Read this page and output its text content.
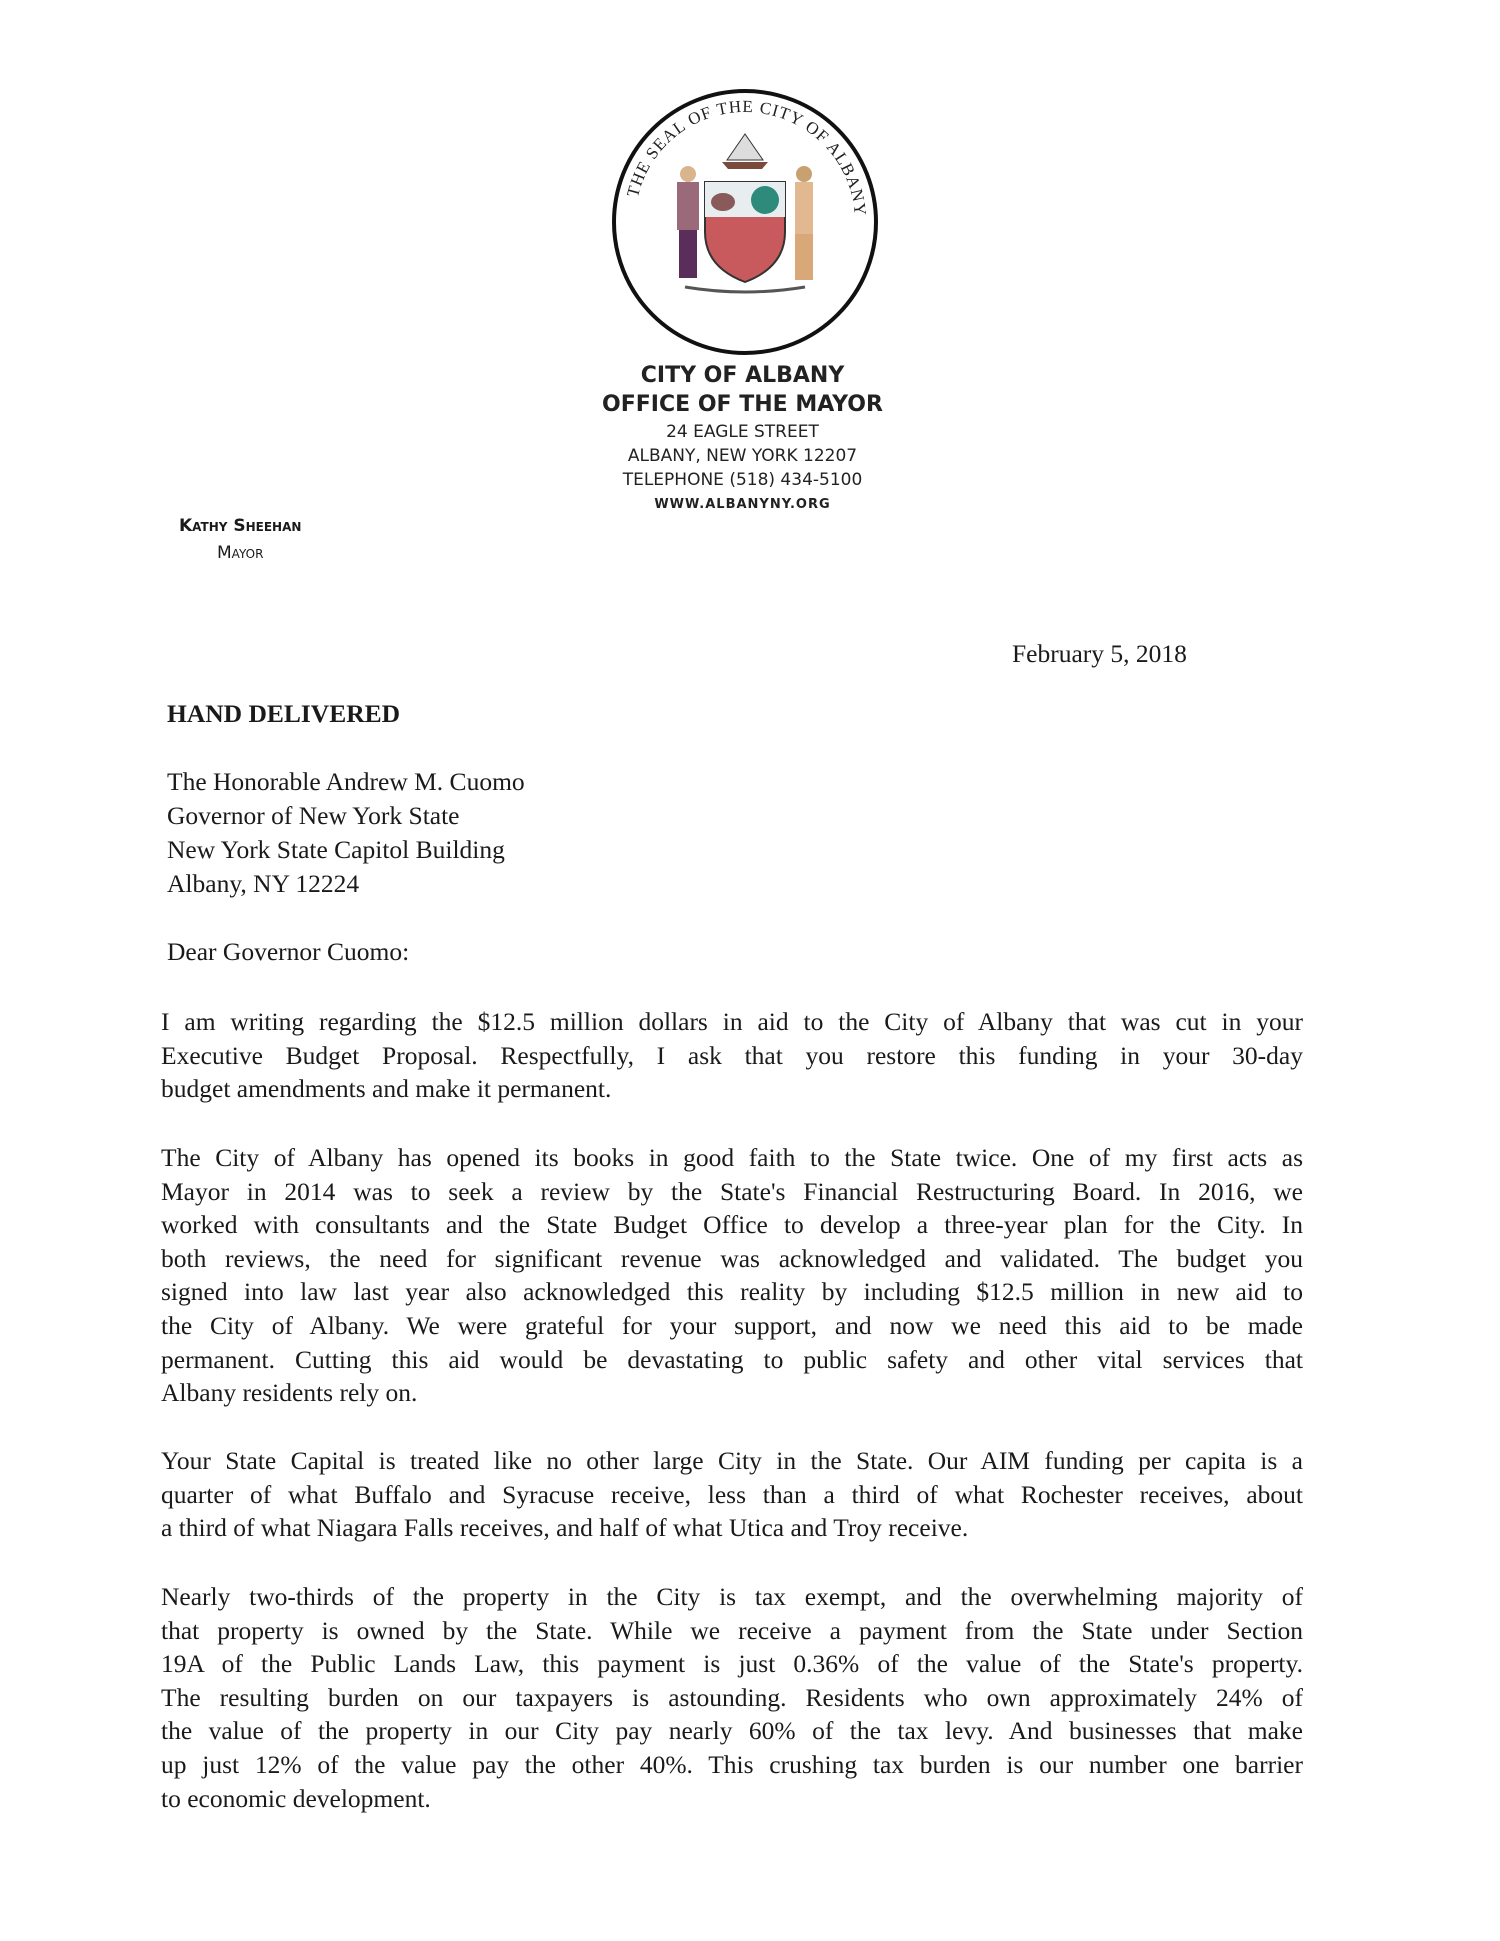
THE SEAL OF THE CITY OF ALBANY
CITY OF ALBANY
OFFICE OF THE MAYOR
24 EAGLE STREET
ALBANY, NEW YORK 12207
TELEPHONE (518) 434-5100
WWW.ALBANYNY.ORG
Kathy Sheehan
Mayor
February 5, 2018
HAND DELIVERED
The Honorable Andrew M. Cuomo
Governor of New York State
New York State Capitol Building
Albany, NY 12224
Dear Governor Cuomo:
I am writing regarding the $12.5 million dollars in aid to the City of Albany that was cut in your
Executive Budget Proposal. Respectfully, I ask that you restore this funding in your 30-day
budget amendments and make it permanent.
The City of Albany has opened its books in good faith to the State twice. One of my first acts as
Mayor in 2014 was to seek a review by the State's Financial Restructuring Board. In 2016, we
worked with consultants and the State Budget Office to develop a three-year plan for the City. In
both reviews, the need for significant revenue was acknowledged and validated. The budget you
signed into law last year also acknowledged this reality by including $12.5 million in new aid to
the City of Albany. We were grateful for your support, and now we need this aid to be made
permanent. Cutting this aid would be devastating to public safety and other vital services that
Albany residents rely on.
Your State Capital is treated like no other large City in the State. Our AIM funding per capita is a
quarter of what Buffalo and Syracuse receive, less than a third of what Rochester receives, about
a third of what Niagara Falls receives, and half of what Utica and Troy receive.
Nearly two-thirds of the property in the City is tax exempt, and the overwhelming majority of
that property is owned by the State. While we receive a payment from the State under Section
19A of the Public Lands Law, this payment is just 0.36% of the value of the State's property.
The resulting burden on our taxpayers is astounding. Residents who own approximately 24% of
the value of the property in our City pay nearly 60% of the tax levy. And businesses that make
up just 12% of the value pay the other 40%. This crushing tax burden is our number one barrier
to economic development.
